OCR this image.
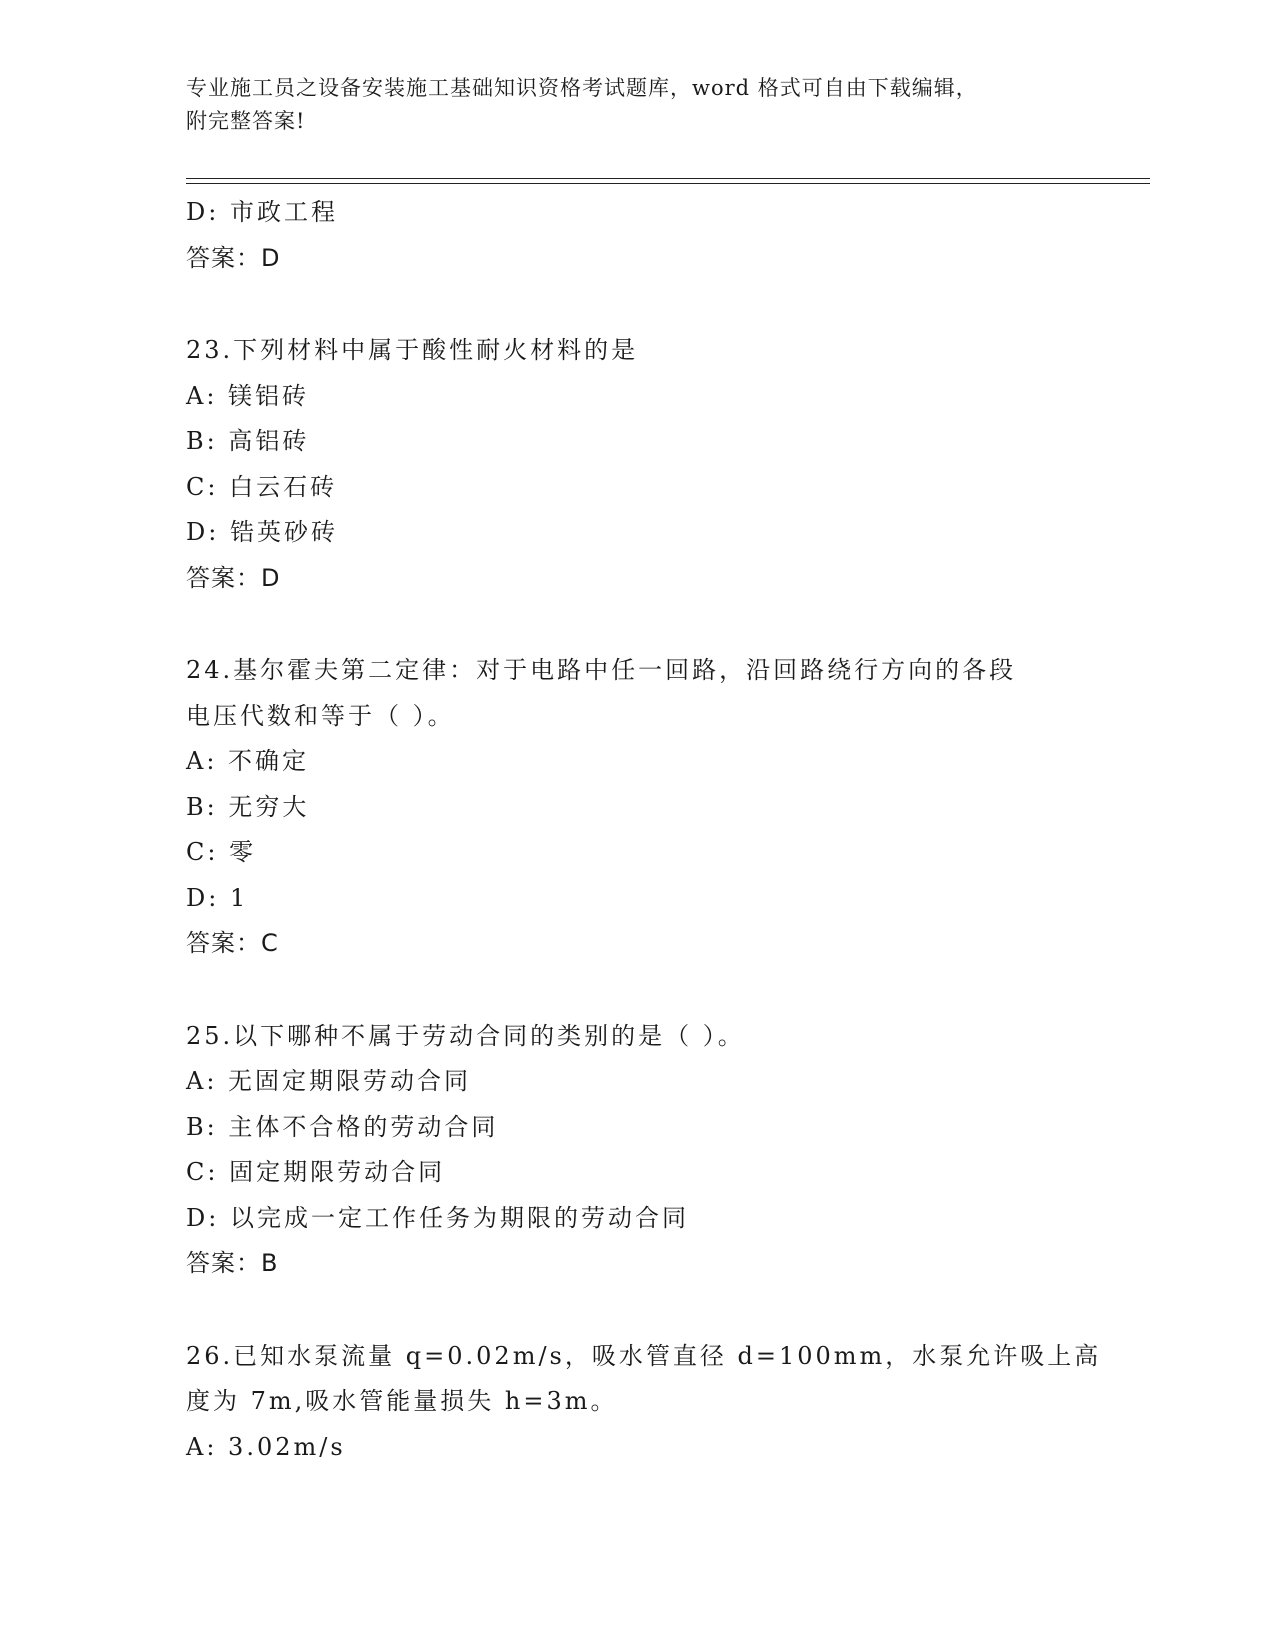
专业施工员之设备安装施工基础知识资格考试题库，word 格式可自由下载编辑，
附完整答案!
D: 市政工程
答案：D
23.下列材料中属于酸性耐火材料的是
A: 镁铝砖
B: 高铝砖
C: 白云石砖
D: 锆英砂砖
答案：D
24.基尔霍夫第二定律：对于电路中任一回路，沿回路绕行方向的各段
电压代数和等于（ ）。
A: 不确定
B: 无穷大
C: 零
D: 1
答案：C
25.以下哪种不属于劳动合同的类别的是（ ）。
A: 无固定期限劳动合同
B: 主体不合格的劳动合同
C: 固定期限劳动合同
D: 以完成一定工作任务为期限的劳动合同
答案：B
26.已知水泵流量 q=0.02m/s，吸水管直径 d=100mm，水泵允许吸上高
度为 7m,吸水管能量损失 h=3m。
A: 3.02m/s
